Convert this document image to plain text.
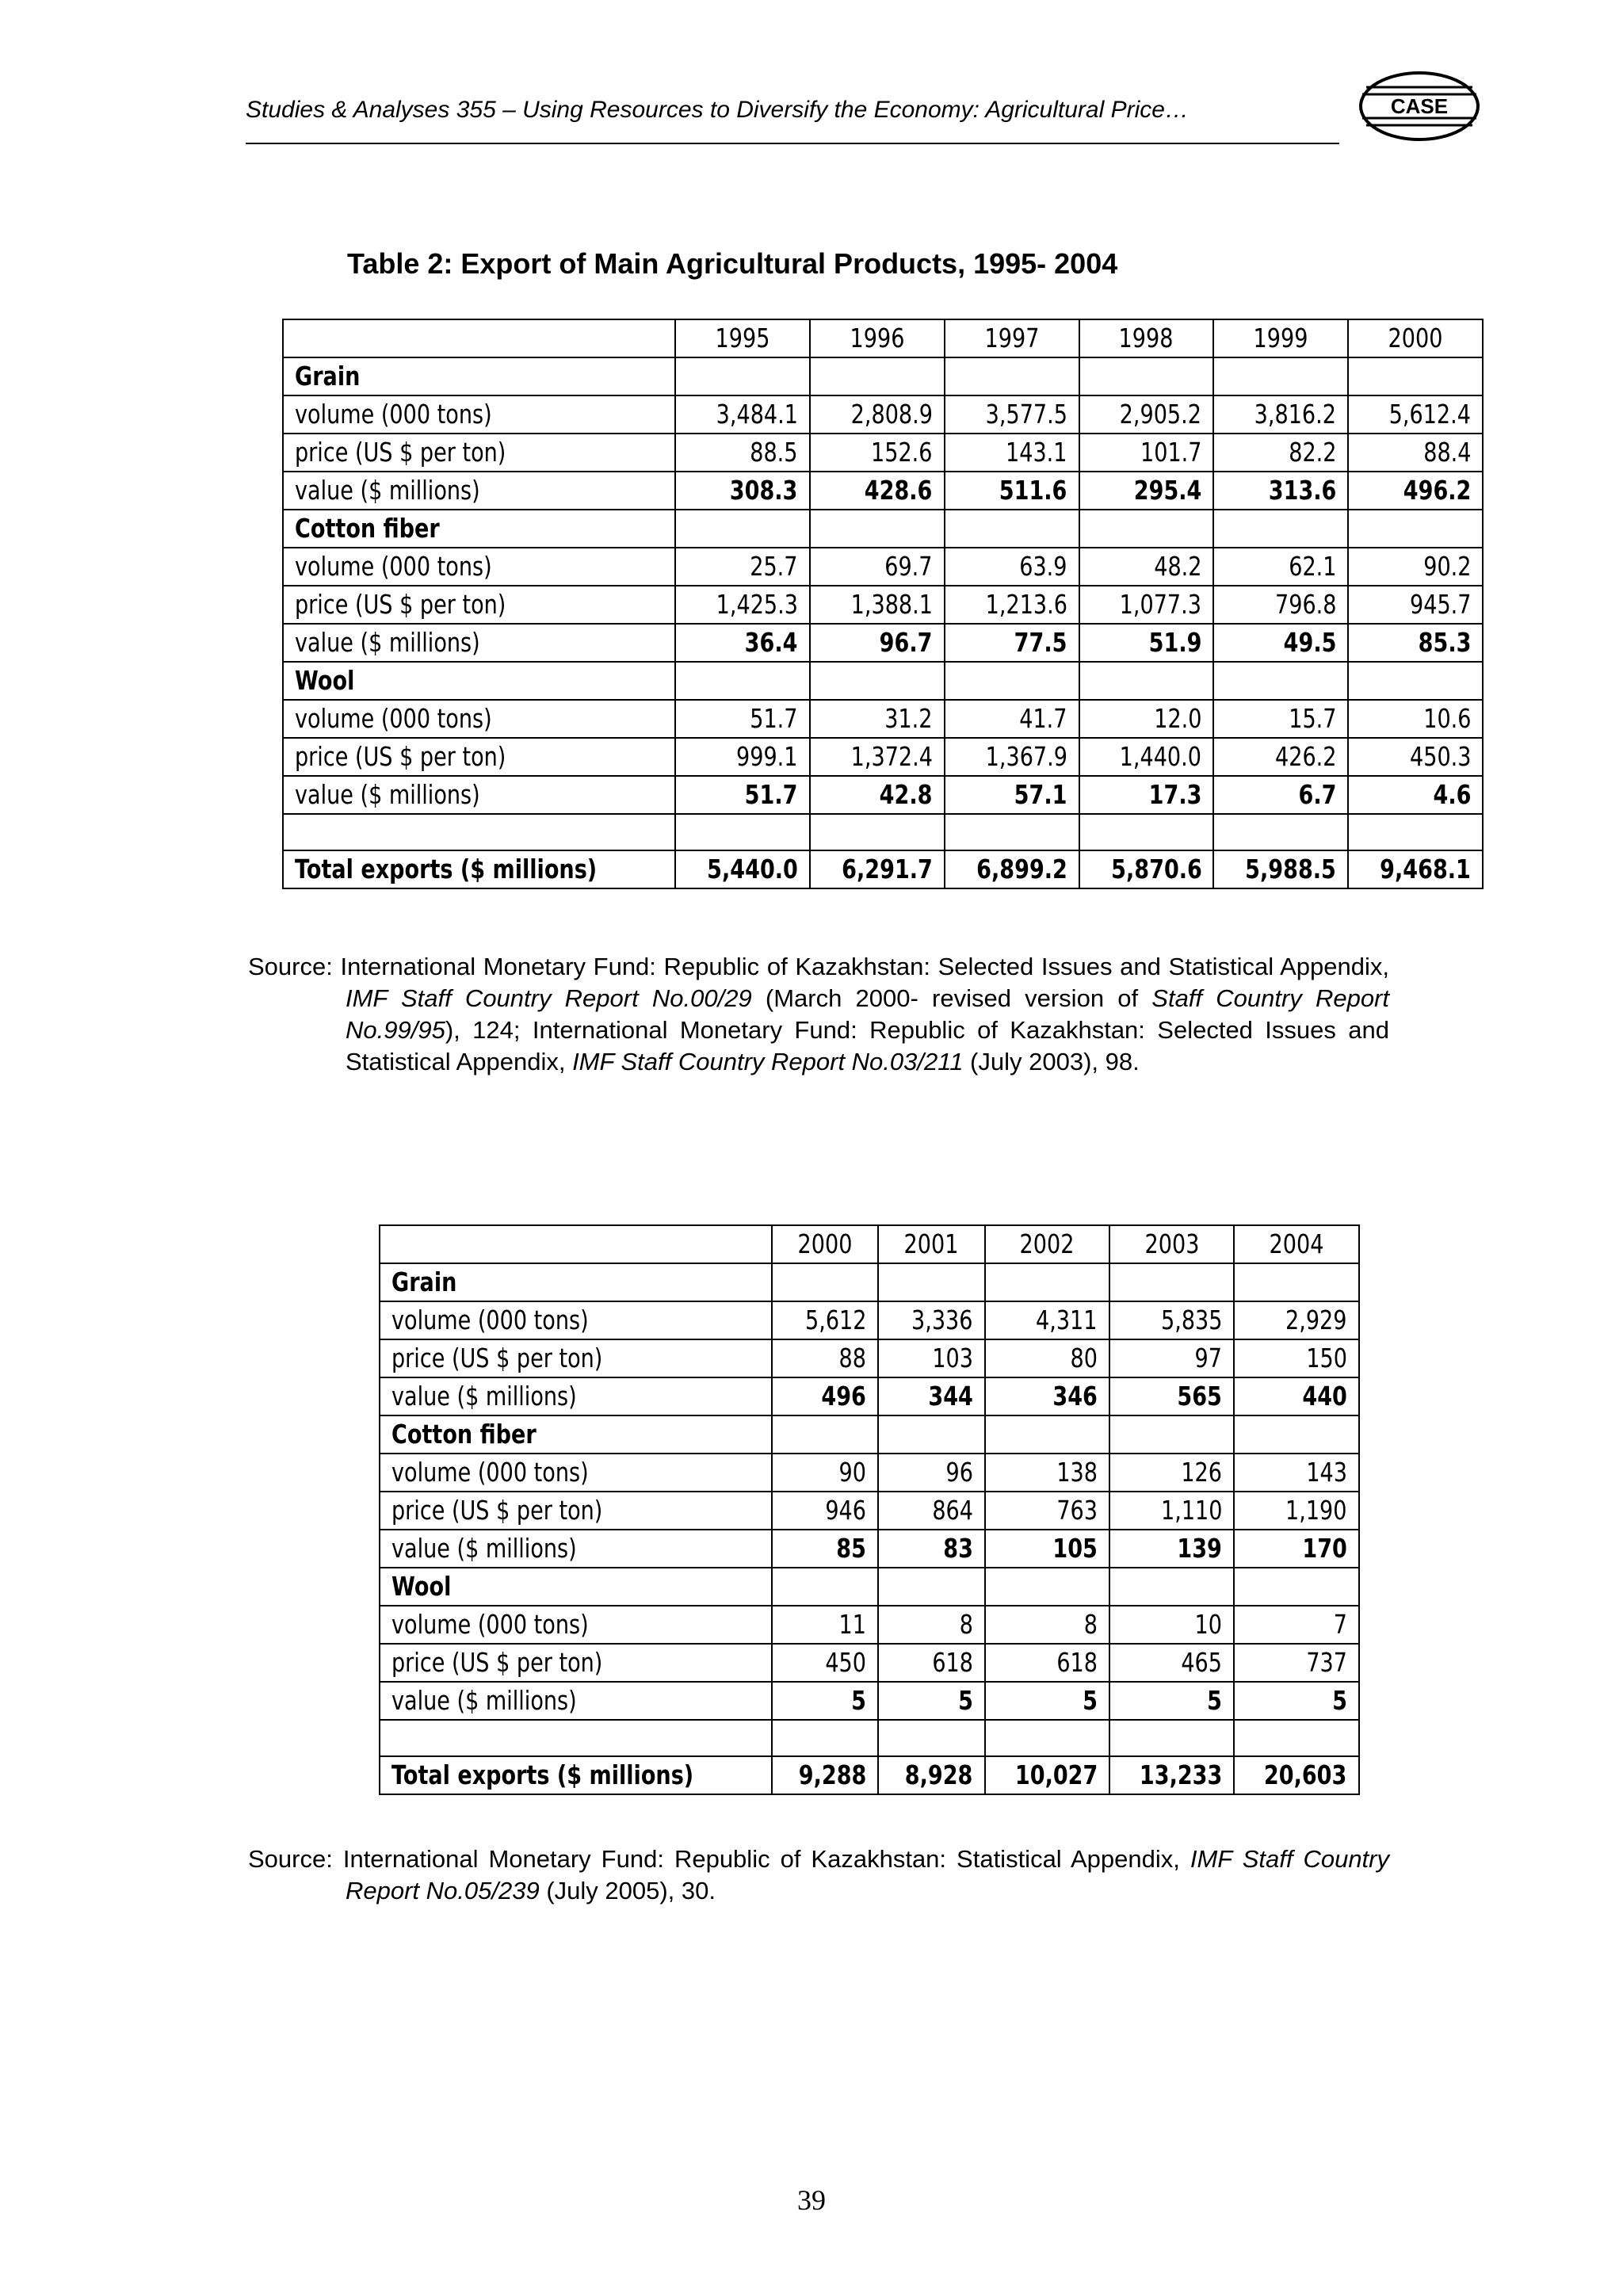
Studies & Analyses 355 – Using Resources to Diversify the Economy: Agricultural Price…	CASE
Table 2: Export of Main Agricultural Products, 1995- 2004
	1995	1996	1997	1998	1999	2000
Grain						
volume (000 tons)	3,484.1	2,808.9	3,577.5	2,905.2	3,816.2	5,612.4
price (US $ per ton)	88.5	152.6	143.1	101.7	82.2	88.4
value ($ millions)	308.3	428.6	511.6	295.4	313.6	496.2
Cotton fiber						
volume (000 tons)	25.7	69.7	63.9	48.2	62.1	90.2
price (US $ per ton)	1,425.3	1,388.1	1,213.6	1,077.3	796.8	945.7
value ($ millions)	36.4	96.7	77.5	51.9	49.5	85.3
Wool						
volume (000 tons)	51.7	31.2	41.7	12.0	15.7	10.6
price (US $ per ton)	999.1	1,372.4	1,367.9	1,440.0	426.2	450.3
value ($ millions)	51.7	42.8	57.1	17.3	6.7	4.6

Total exports ($ millions)	5,440.0	6,291.7	6,899.2	5,870.6	5,988.5	9,468.1
Source: International Monetary Fund: Republic of Kazakhstan: Selected Issues and Statistical Appendix, IMF Staff Country Report No.00/29 (March 2000- revised version of Staff Country Report No.99/95), 124; International Monetary Fund: Republic of Kazakhstan: Selected Issues and Statistical Appendix, IMF Staff Country Report No.03/211 (July 2003), 98.
	2000	2001	2002	2003	2004
Grain					
volume (000 tons)	5,612	3,336	4,311	5,835	2,929
price (US $ per ton)	88	103	80	97	150
value ($ millions)	496	344	346	565	440
Cotton fiber					
volume (000 tons)	90	96	138	126	143
price (US $ per ton)	946	864	763	1,110	1,190
value ($ millions)	85	83	105	139	170
Wool					
volume (000 tons)	11	8	8	10	7
price (US $ per ton)	450	618	618	465	737
value ($ millions)	5	5	5	5	5

Total exports ($ millions)	9,288	8,928	10,027	13,233	20,603
Source: International Monetary Fund: Republic of Kazakhstan: Statistical Appendix, IMF Staff Country Report No.05/239 (July 2005), 30.
39
